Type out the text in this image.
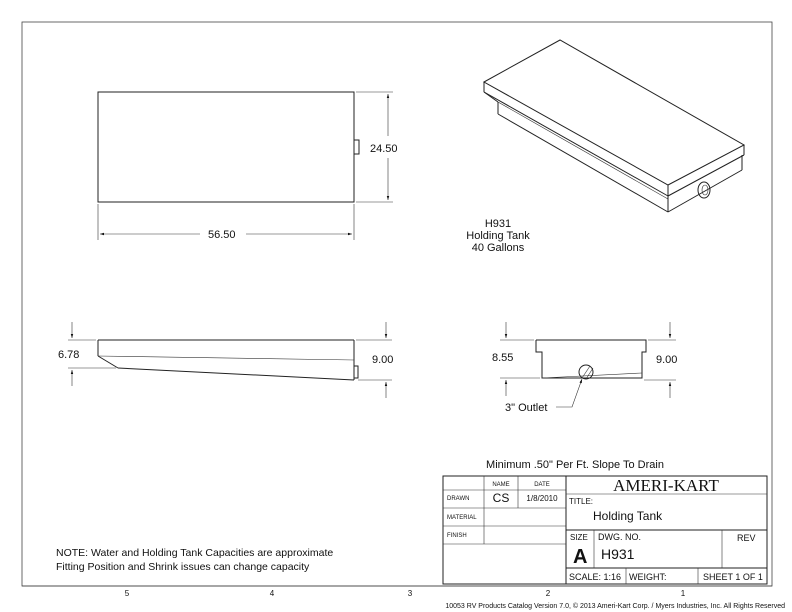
24.50
56.50
H931
Holding Tank
40 Gallons
6.78	9.00	8.55	9.00
3" Outlet
Minimum .50" Per Ft. Slope To Drain
NOTE: Water and Holding Tank Capacities are approximate
Fitting Position and Shrink issues can change capacity
NAME	DATE
DRAWN CS 1/8/2010
MATERIAL
FINISH
AMERI-KART
TITLE:
Holding Tank
SIZE
A
DWG. NO.
H931
REV
SCALE: 1:16 WEIGHT:	SHEET 1 OF 1
5	4	3	2	1
10053 RV Products Catalog Version 7.0, © 2013 Ameri-Kart Corp. / Myers Industries, Inc. All Rights Reserved
